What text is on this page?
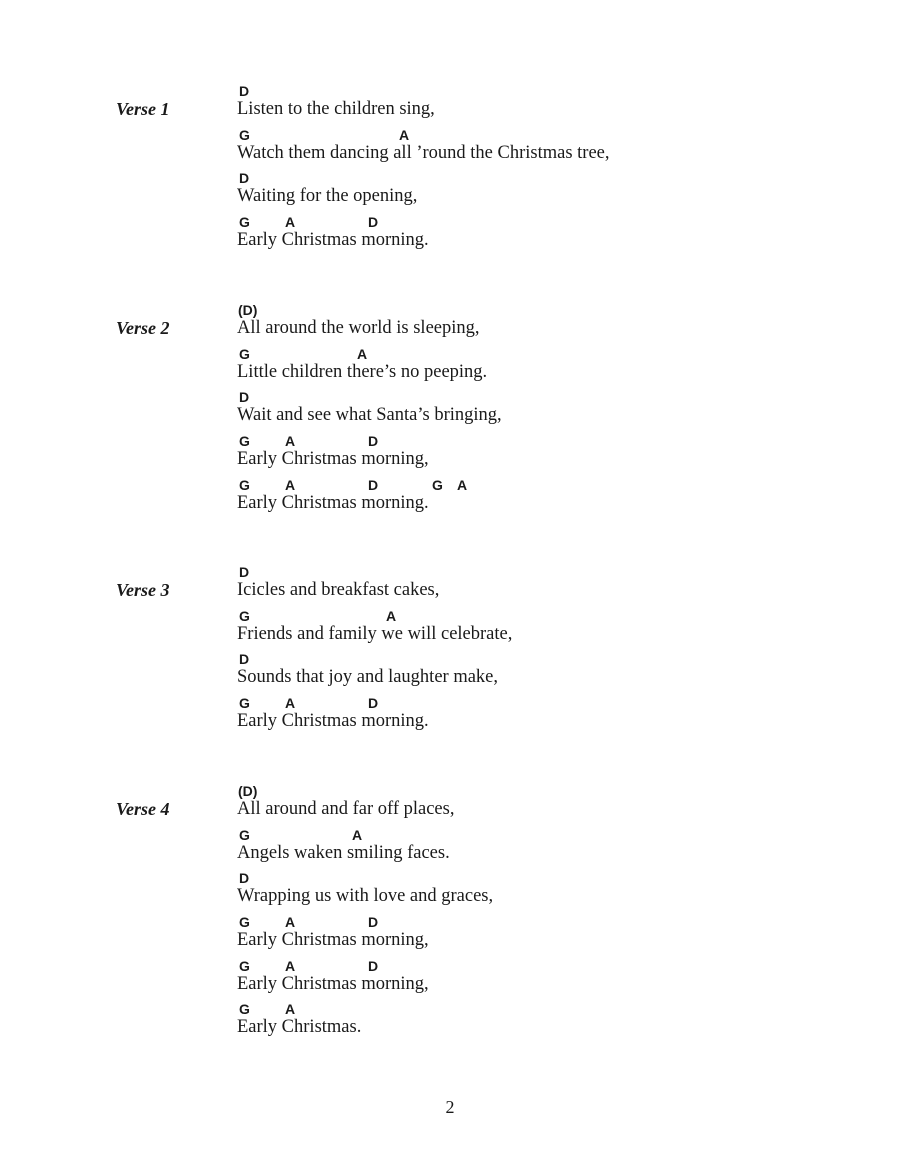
Verse 1

D

Listen to the children sing,

G	A

Watch them dancing all ’round the Christmas tree,

D

Waiting for the opening,

G	A	D

Early Christmas morning.

Verse 2

(D)

All around the world is sleeping,

G	A

Little children there’s no peeping.

D

Wait and see what Santa’s bringing,

G	A	D

Early Christmas morning,

G	A	D	G A

Early Christmas morning.

Verse 3

D

Icicles and breakfast cakes,

G	A

Friends and family we will celebrate,

D

Sounds that joy and laughter make,

G	A	D

Early Christmas morning.

Verse 4

(D)

All around and far off places,

G	A

Angels waken smiling faces.

D

Wrapping us with love and graces,

G	A	D

Early Christmas morning,

G	A	D

Early Christmas morning,

G	A

Early Christmas.

2
